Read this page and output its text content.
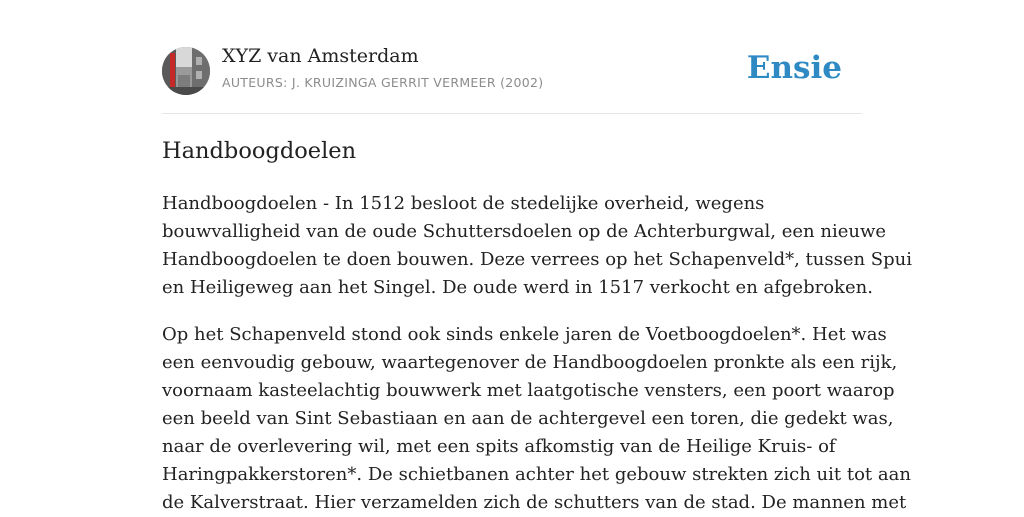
XYZ van Amsterdam
AUTEURS: J. KRUIZINGA GERRIT VERMEER (2002)	Ensie
Handboogdoelen

Handboogdoelen - In 1512 besloot de stedelijke overheid, wegens
bouwvalligheid van de oude Schuttersdoelen op de Achterburgwal, een nieuwe
Handboogdoelen te doen bouwen. Deze verrees op het Schapenveld*, tussen Spui
en Heiligeweg aan het Singel. De oude werd in 1517 verkocht en afgebroken.

Op het Schapenveld stond ook sinds enkele jaren de Voetboogdoelen*. Het was
een eenvoudig gebouw, waartegenover de Handboogdoelen pronkte als een rijk,
voornaam kasteelachtig bouwwerk met laatgotische vensters, een poort waarop
een beeld van Sint Sebastiaan en aan de achtergevel een toren, die gedekt was,
naar de overlevering wil, met een spits afkomstig van de Heilige Kruis- of
Haringpakkerstoren*. De schietbanen achter het gebouw strekten zich uit tot aan
de Kalverstraat. Hier verzamelden zich de schutters van de stad. De mannen met
